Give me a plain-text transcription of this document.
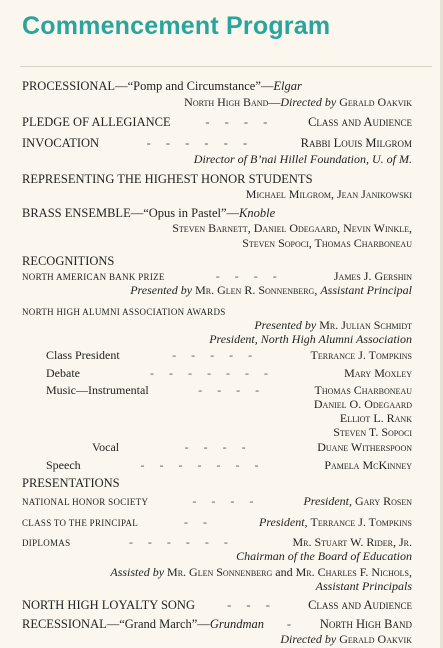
Commencement Program
PROCESSIONAL—“Pomp and Circumstance”—Elgar
North High Band—Directed by Gerald Oakvik
PLEDGE OF ALLEGIANCE	- - - -	Class and Audience
INVOCATION	- - - - - -	Rabbi Louis Milgrom
Director of B’nai Hillel Foundation, U. of M.
REPRESENTING THE HIGHEST HONOR STUDENTS
Michael Milgrom, Jean Janikowski
BRASS ENSEMBLE—“Opus in Pastel”—Knoble
Steven Barnett, Daniel Odegaard, Nevin Winkle,
Steven Sopoci, Thomas Charboneau
RECOGNITIONS
NORTH AMERICAN BANK PRIZE	- - - -	James J. Gershin
Presented by Mr. Glen R. Sonnenberg, Assistant Principal
NORTH HIGH ALUMNI ASSOCIATION AWARDS
Presented by Mr. Julian Schmidt
President, North High Alumni Association
Class President	- - - - -	Terrance J. Tompkins
Debate	- - - - - - -	Mary Moxley
Music—Instrumental	- - - -	Thomas Charboneau
Daniel O. Odegaard
Elliot L. Rank
Steven T. Sopoci
Vocal	- - - -	Duane Witherspoon
Speech	- - - - - - -	Pamela McKinney
PRESENTATIONS
NATIONAL HONOR SOCIETY	- - - -	President, Gary Rosen
CLASS TO THE PRINCIPAL	- -	President, Terrance J. Tompkins
DIPLOMAS	- - - - - -	Mr. Stuart W. Rider, Jr.
Chairman of the Board of Education
Assisted by Mr. Glen Sonnenberg and Mr. Charles F. Nichols,
Assistant Principals
NORTH HIGH LOYALTY SONG	- - -	Class and Audience
RECESSIONAL—“Grand March”—Grundman	-	North High Band
Directed by Gerald Oakvik
